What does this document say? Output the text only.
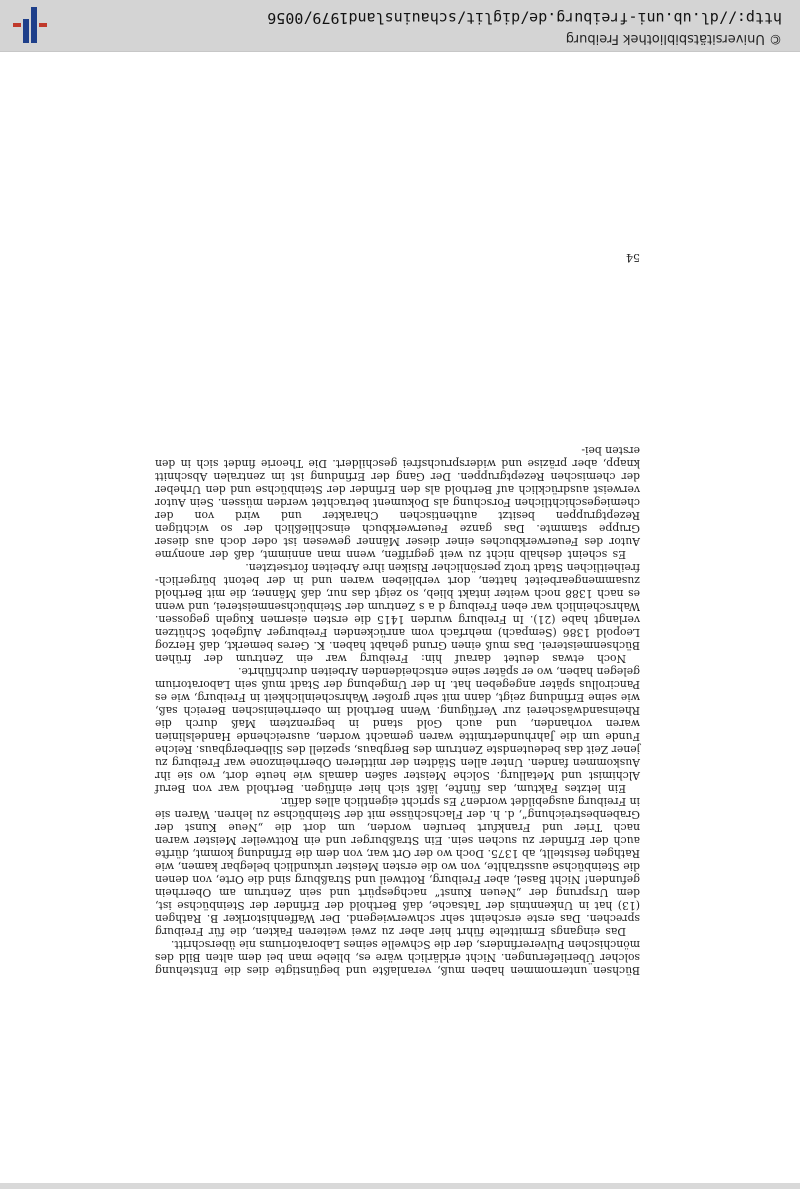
Büchsen unternommen haben muß, veranlaßte und begünstigte dies die Entstehung solcher Überlieferungen. Nicht erklärlich wäre es, bliebe man bei dem alten Bild des mönchischen Pulvererfinders, der die Schwelle seines Laboratoriums nie überschritt.

Das eingangs Ermittelte führt hier aber zu zwei weiteren Fakten, die für Freiburg sprechen. Das erste erscheint sehr schwerwiegend. Der Waffenhistoriker B. Rathgen (13) hat in Unkenntnis der Tatsache, daß Berthold der Erfinder der Steinbüchse ist, dem Ursprung der „Neuen Kunst“ nachgespürt und sein Zentrum am Oberrhein gefunden! Nicht Basel, aber Freiburg, Rottweil und Straßburg sind die Orte, von denen die Steinbüchse ausstrahlte, von wo die ersten Meister urkundlich belegbar kamen, wie Rathgen feststellt, ab 1375. Doch wo der Ort war, von dem die Erfindung kommt, dürfte auch der Erfinder zu suchen sein. Ein Straßburger und ein Rottweiler Meister waren nach Trier und Frankfurt berufen worden, um dort die „Neue Kunst der Grabenbestreichung“, d. h. der Flachschüsse mit der Steinbüchse zu lehren. Waren sie in Freiburg ausgebildet worden? Es spricht eigentlich alles dafür.

Ein letztes Faktum, das fünfte, läßt sich hier einfügen. Berthold war von Beruf Alchimist und Metallurg. Solche Meister saßen damals wie heute dort, wo sie ihr Auskommen fanden. Unter allen Städten der mittleren Oberrheinzone war Freiburg zu jener Zeit das bedeutendste Zentrum des Bergbaus, speziell des Silberbergbaus. Reiche Funde um die Jahrhundertmitte waren gemacht worden, ausreichende Handelslinien waren vorhanden, und auch Gold stand in begrenztem Maß durch die Rheinsandwäscherei zur Verfügung. Wenn Berthold im oberrheinischen Bereich saß, wie seine Erfindung zeigt, dann mit sehr großer Wahrscheinlichkeit in Freiburg, wie es Pancirollus später angegeben hat. In der Umgebung der Stadt muß sein Laboratorium gelegen haben, wo er später seine entscheidenden Arbeiten durchführte.

Noch etwas deutet darauf hin: Freiburg war ein Zentrum der frühen Büchsenmeisterei. Das muß einen Grund gehabt haben. K. Geres bemerkt, daß Herzog Leopold 1386 (Sempach) mehrfach vom anrückenden Freiburger Aufgebot Schützen verlangt habe (21). In Freiburg wurden 1415 die ersten eisernen Kugeln gegossen. Wahrscheinlich war eben Freiburg d a s Zentrum der Steinbüchsenmeisterei, und wenn es nach 1388 noch weiter intakt blieb, so zeigt das nur, daß Männer, die mit Berthold zusammengearbeitet hatten, dort verblieben waren und in der betont bürgerlich-freiheitlichen Stadt trotz persönlicher Risiken ihre Arbeiten fortsetzten.

Es scheint deshalb nicht zu weit gegriffen, wenn man annimmt, daß der anonyme Autor des Feuerwerkbuches einer dieser Männer gewesen ist oder doch aus dieser Gruppe stammte. Das ganze Feuerwerkbuch einschließlich der so wichtigen Rezeptgruppen besitzt authentischen Charakter und wird von der chemiegeschichtlichen Forschung als Dokument betrachtet werden müssen. Sein Autor verweist ausdrücklich auf Berthold als den Erfinder der Steinbüchse und den Urheber der chemischen Rezeptgruppen. Der Gang der Erfindung ist im zentralen Abschnitt knapp, aber präzise und widerspruchsfrei geschildert. Die Theorie findet sich in den ersten bei-

54
© Universitätsbibliothek Freiburg
http://dl.ub.uni-freiburg.de/diglit/schauinsland1979/0056
